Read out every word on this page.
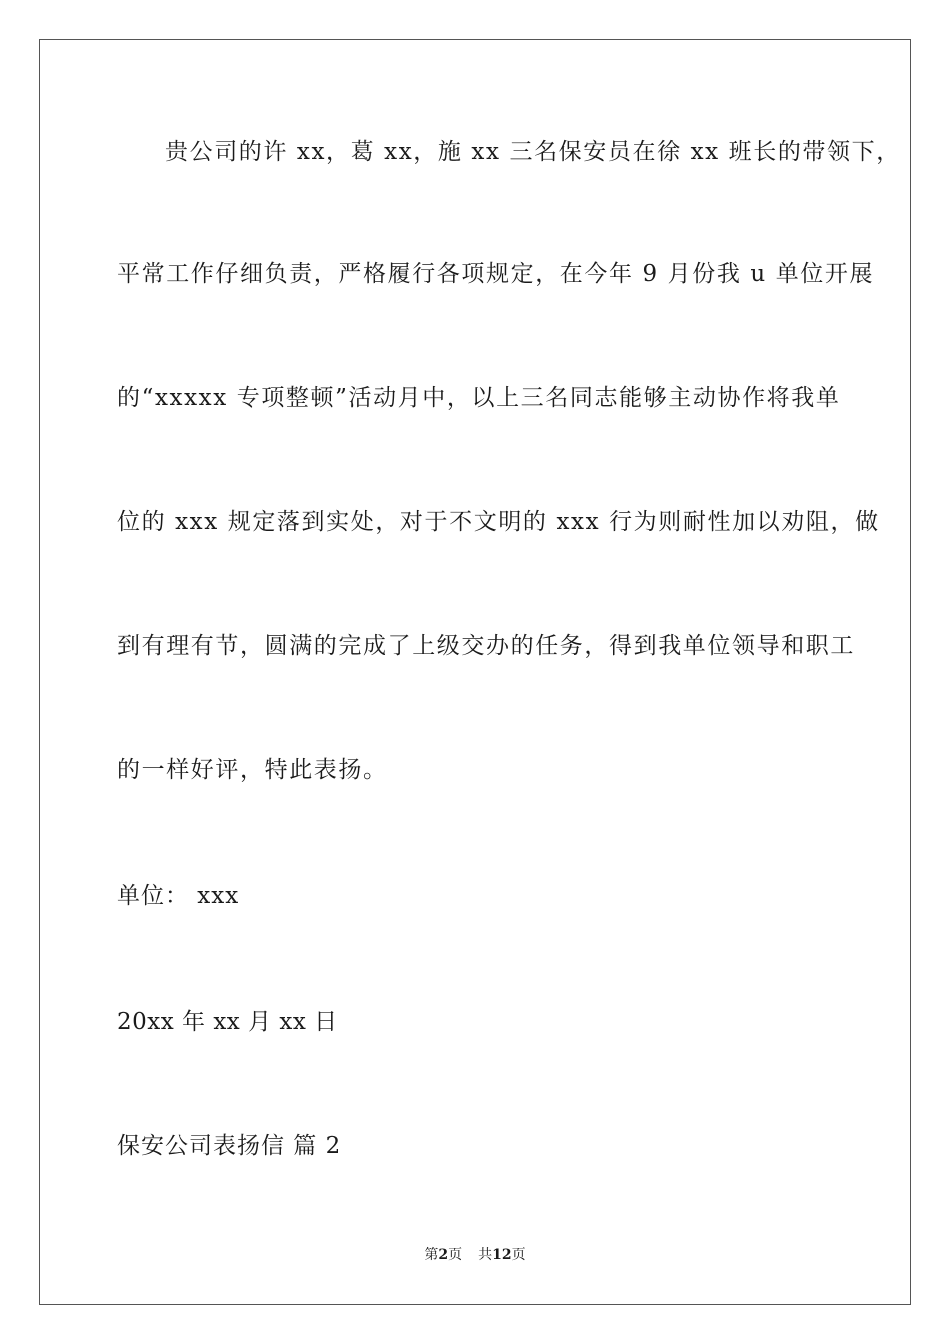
贵公司的许 xx，葛 xx，施 xx 三名保安员在徐 xx 班长的带领下，
平常工作仔细负责，严格履行各项规定，在今年 9 月份我 u 单位开展
的“xxxxx 专项整顿”活动月中，以上三名同志能够主动协作将我单
位的 xxx 规定落到实处，对于不文明的 xxx 行为则耐性加以劝阻，做
到有理有节，圆满的完成了上级交办的任务，得到我单位领导和职工
的一样好评，特此表扬。
单位： xxx
20xx 年 xx 月 xx 日
保安公司表扬信 篇 2
第2页 共12页
